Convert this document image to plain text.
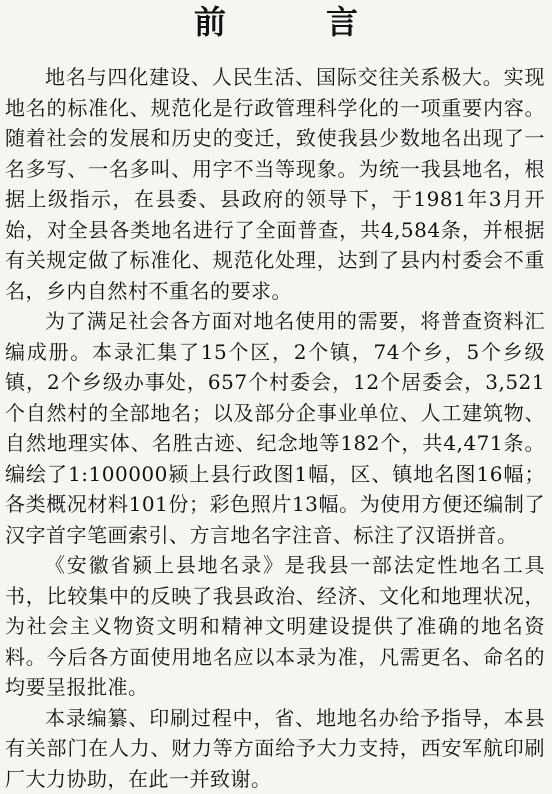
前　言

地名与四化建设、人民生活、国际交往关系极大。实现地名的标准化、规范化是行政管理科学化的一项重要内容。随着社会的发展和历史的变迁，致使我县少数地名出现了一名多写、一名多叫、用字不当等现象。为统一我县地名，根据上级指示，在县委、县政府的领导下，于1981年3月开始，对全县各类地名进行了全面普查，共4,584条，并根据有关规定做了标准化、规范化处理，达到了县内村委会不重名，乡内自然村不重名的要求。

为了满足社会各方面对地名使用的需要，将普查资料汇编成册。本录汇集了15个区，2个镇，74个乡，5个乡级镇，2个乡级办事处，657个村委会，12个居委会，3,521个自然村的全部地名；以及部分企事业单位、人工建筑物、自然地理实体、名胜古迹、纪念地等182个，共4,471条。编绘了1:100000颍上县行政图1幅，区、镇地名图16幅；各类概况材料101份；彩色照片13幅。为使用方便还编制了汉字首字笔画索引、方言地名字注音、标注了汉语拼音。

《安徽省颍上县地名录》是我县一部法定性地名工具书，比较集中的反映了我县政治、经济、文化和地理状况，为社会主义物资文明和精神文明建设提供了准确的地名资料。今后各方面使用地名应以本录为准，凡需更名、命名的均要呈报批准。

本录编纂、印刷过程中，省、地地名办给予指导，本县有关部门在人力、财力等方面给予大力支持，西安军航印刷厂大力协助，在此一并致谢。
